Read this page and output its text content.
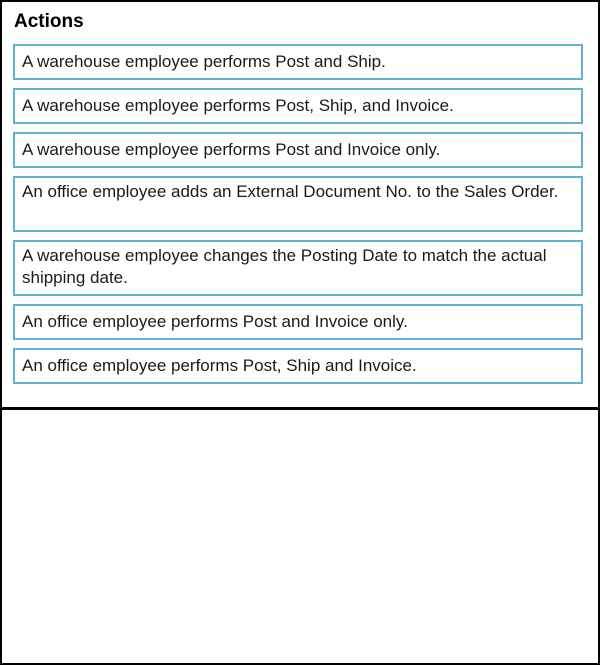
Actions
A warehouse employee performs Post and Ship.
A warehouse employee performs Post, Ship, and Invoice.
A warehouse employee performs Post and Invoice only.
An office employee adds an External Document No. to the Sales Order.
A warehouse employee changes the Posting Date to match the actual shipping date.
An office employee performs Post and Invoice only.
An office employee performs Post, Ship and Invoice.
